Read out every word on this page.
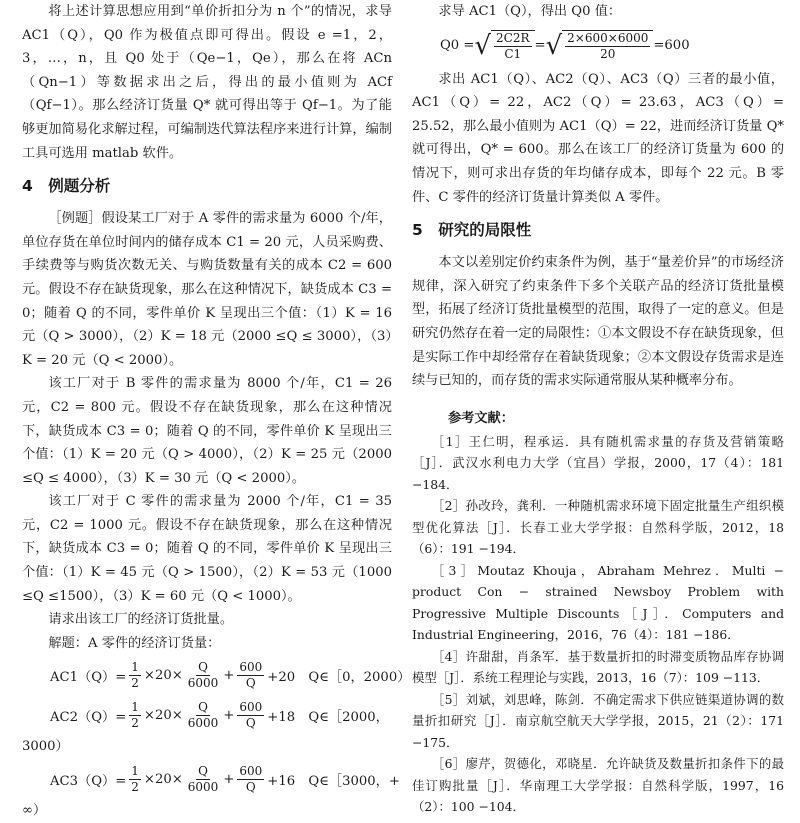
将上述计算思想应用到“单价折扣分为 n 个”的情况，求导 AC1（Q），Q0 作为极值点即可得出。假设 e =1，2，3，…，n，且 Q0 处于（Qe−1，Qe），那么在将 ACn（Qn−1）等数据求出之后，得出的最小值则为 ACf（Qf−1）。那么经济订货量 Q* 就可得出等于 Qf−1。为了能够更加简易化求解过程，可编制迭代算法程序来进行计算，编制工具可选用 matlab 软件。

4　例题分析

［例题］假设某工厂对于 A 零件的需求量为 6000 个/年，单位存货在单位时间内的储存成本 C1 = 20 元，人员采购费、手续费等与购货次数无关、与购货数量有关的成本 C2 = 600 元。假设不存在缺货现象，那么在这种情况下，缺货成本 C3 = 0；随着 Q 的不同，零件单价 K 呈现出三个值：（1）K = 16 元（Q > 3000），（2）K = 18 元（2000 ≤Q ≤ 3000），（3）K = 20 元（Q < 2000）。

该工厂对于 B 零件的需求量为 8000 个/年，C1 = 26 元，C2 = 800 元。假设不存在缺货现象，那么在这种情况下，缺货成本 C3 = 0；随着 Q 的不同，零件单价 K 呈现出三个值：（1）K = 20 元（Q > 4000），（2）K = 25 元（2000 ≤Q ≤ 4000），（3）K = 30 元（Q < 2000）。

该工厂对于 C 零件的需求量为 2000 个/年，C1 = 35 元，C2 = 1000 元。假设不存在缺货现象，那么在这种情况下，缺货成本 C3 = 0；随着 Q 的不同，零件单价 K 呈现出三个值：（1）K = 45 元（Q > 1500），（2）K = 53 元（1000 ≤Q ≤1500），（3）K = 60 元（Q < 1000）。

请求出该工厂的经济订货批量。

解题：A 零件的经济订货量：

$AC1(Q)= \frac{1}{2} \times 20\times \frac{Q}{6000} + \frac{600}{Q} +20$　Q∈［0，2000）
$AC2(Q)= \frac{1}{2} \times 20\times \frac{Q}{6000} + \frac{600}{Q} +18$　Q∈［2000，

3000）

$AC3(Q)= \frac{1}{2} \times 20\times \frac{Q}{6000} + \frac{600}{Q} +16$　Q∈［3000，+

∞）

求导 AC1（Q），得出 Q0 值：

Q0 = √ $\frac{2C2R}{C1}$ = √ $\frac{2\times 600\times 6000}{20} =600$

求出 AC1（Q）、AC2（Q）、AC3（Q）三者的最小值，AC1（Q）= 22，AC2（Q）= 23.63，AC3（Q）= 25.52，那么最小值则为 AC1（Q）= 22，进而经济订货量 Q* 就可得出，Q* = 600。那么在该工厂的经济订货量为 600 的情况下，则可求出存货的年均储存成本，即每个 22 元。B 零件、C 零件的经济订货量计算类似 A 零件。

5　研究的局限性

本文以差别定价约束条件为例，基于“量差价异”的市场经济规律，深入研究了约束条件下多个关联产品的经济订货批量模型，拓展了经济订货批量模型的范围，取得了一定的意义。但是研究仍然存在着一定的局限性：①本文假设不存在缺货现象，但是实际工作中却经常存在着缺货现象；②本文假设存货需求是连续与已知的，而存货的需求实际通常服从某种概率分布。

参考文献：

［1］王仁明，程承运．具有随机需求量的存货及营销策略［J］．武汉水利电力大学（宜昌）学报，2000，17（4）：181 −184．

［2］孙改玲，龚利．一种随机需求环境下固定批量生产组织模型优化算法［J］．长春工业大学学报：自然科学版，2012，18（6）：191 −194．

［3］Moutaz Khouja，Abraham Mehrez．Multi − product Con − strained Newsboy Problem with Progressive Multiple Discounts［J］．Computers and Industrial Engineering，2016，76（4）：181 −186．

［4］许甜甜，肖条军．基于数量折扣的时滞变质物品库存协调模型［J］．系统工程理论与实践，2013，16（7）：109 −113．

［5］刘斌，刘思峰，陈剑．不确定需求下供应链渠道协调的数量折扣研究［J］．南京航空航天大学学报，2015，21（2）：171 −175．

［6］廖芹，贺德化，邓晓星．允许缺货及数量折扣条件下的最佳订购批量［J］．华南理工大学学报：自然科学版，1997，16（2）：100 −104．
